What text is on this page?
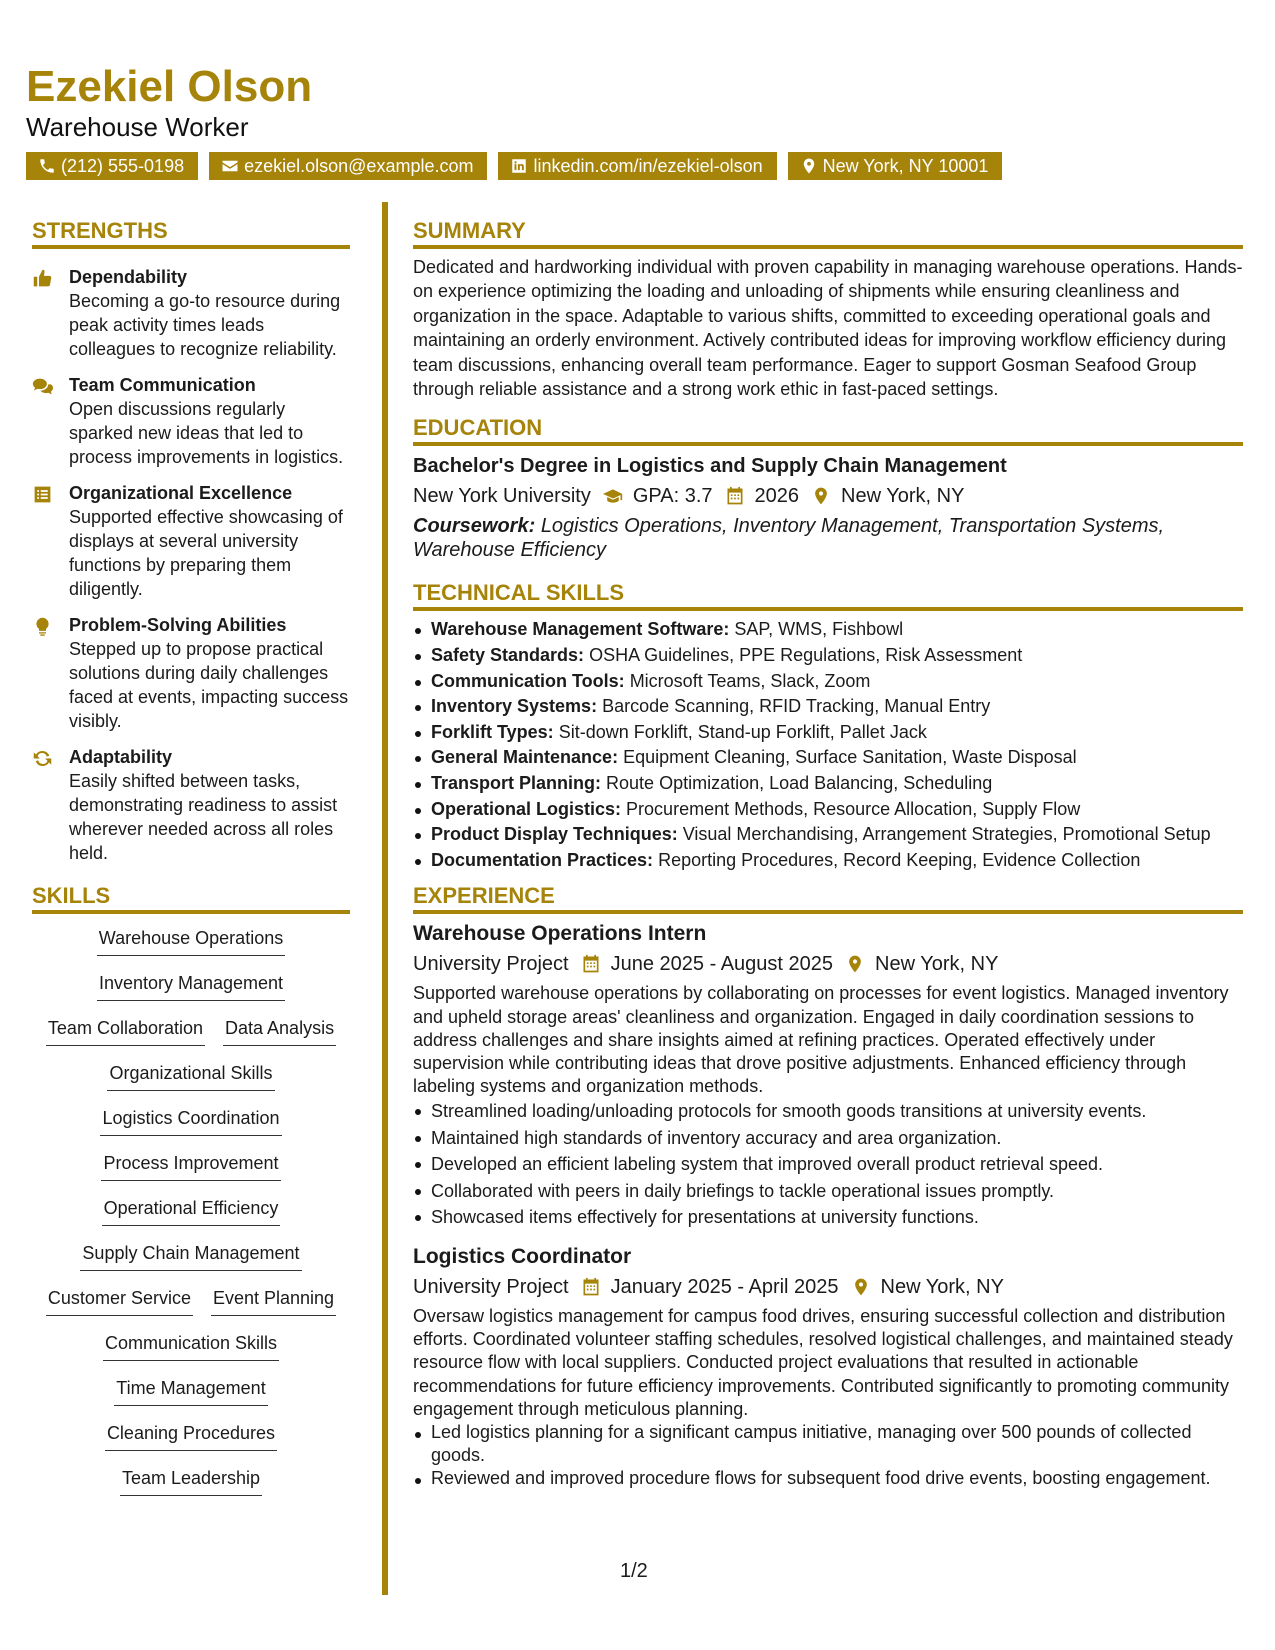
Ezekiel Olson
Warehouse Worker
(212) 555-0198	ezekiel.olson@example.com	linkedin.com/in/ezekiel-olson	New York, NY 10001
STRENGTHS
Dependability
Becoming a go-to resource during peak activity times leads colleagues to recognize reliability.
Team Communication
Open discussions regularly sparked new ideas that led to process improvements in logistics.
Organizational Excellence
Supported effective showcasing of displays at several university functions by preparing them diligently.
Problem-Solving Abilities
Stepped up to propose practical solutions during daily challenges faced at events, impacting success visibly.
Adaptability
Easily shifted between tasks, demonstrating readiness to assist wherever needed across all roles held.
SKILLS
Warehouse Operations
Inventory Management
Team Collaboration Data Analysis
Organizational Skills
Logistics Coordination
Process Improvement
Operational Efficiency
Supply Chain Management
Customer Service Event Planning
Communication Skills
Time Management
Cleaning Procedures
Team Leadership
SUMMARY
Dedicated and hardworking individual with proven capability in managing warehouse operations. Hands-on experience optimizing the loading and unloading of shipments while ensuring cleanliness and organization in the space. Adaptable to various shifts, committed to exceeding operational goals and maintaining an orderly environment. Actively contributed ideas for improving workflow efficiency during team discussions, enhancing overall team performance. Eager to support Gosman Seafood Group through reliable assistance and a strong work ethic in fast-paced settings.
EDUCATION
Bachelor's Degree in Logistics and Supply Chain Management
New York University GPA: 3.7 2026 New York, NY
Coursework: Logistics Operations, Inventory Management, Transportation Systems, Warehouse Efficiency
TECHNICAL SKILLS
Warehouse Management Software: SAP, WMS, Fishbowl
Safety Standards: OSHA Guidelines, PPE Regulations, Risk Assessment
Communication Tools: Microsoft Teams, Slack, Zoom
Inventory Systems: Barcode Scanning, RFID Tracking, Manual Entry
Forklift Types: Sit-down Forklift, Stand-up Forklift, Pallet Jack
General Maintenance: Equipment Cleaning, Surface Sanitation, Waste Disposal
Transport Planning: Route Optimization, Load Balancing, Scheduling
Operational Logistics: Procurement Methods, Resource Allocation, Supply Flow
Product Display Techniques: Visual Merchandising, Arrangement Strategies, Promotional Setup
Documentation Practices: Reporting Procedures, Record Keeping, Evidence Collection
EXPERIENCE
Warehouse Operations Intern
University Project June 2025 - August 2025 New York, NY
Supported warehouse operations by collaborating on processes for event logistics. Managed inventory and upheld storage areas' cleanliness and organization. Engaged in daily coordination sessions to address challenges and share insights aimed at refining practices. Operated effectively under supervision while contributing ideas that drove positive adjustments. Enhanced efficiency through labeling systems and organization methods.
Streamlined loading/unloading protocols for smooth goods transitions at university events.
Maintained high standards of inventory accuracy and area organization.
Developed an efficient labeling system that improved overall product retrieval speed.
Collaborated with peers in daily briefings to tackle operational issues promptly.
Showcased items effectively for presentations at university functions.
Logistics Coordinator
University Project January 2025 - April 2025 New York, NY
Oversaw logistics management for campus food drives, ensuring successful collection and distribution efforts. Coordinated volunteer staffing schedules, resolved logistical challenges, and maintained steady resource flow with local suppliers. Conducted project evaluations that resulted in actionable recommendations for future efficiency improvements. Contributed significantly to promoting community engagement through meticulous planning.
Led logistics planning for a significant campus initiative, managing over 500 pounds of collected goods.
Reviewed and improved procedure flows for subsequent food drive events, boosting engagement.
1/2
